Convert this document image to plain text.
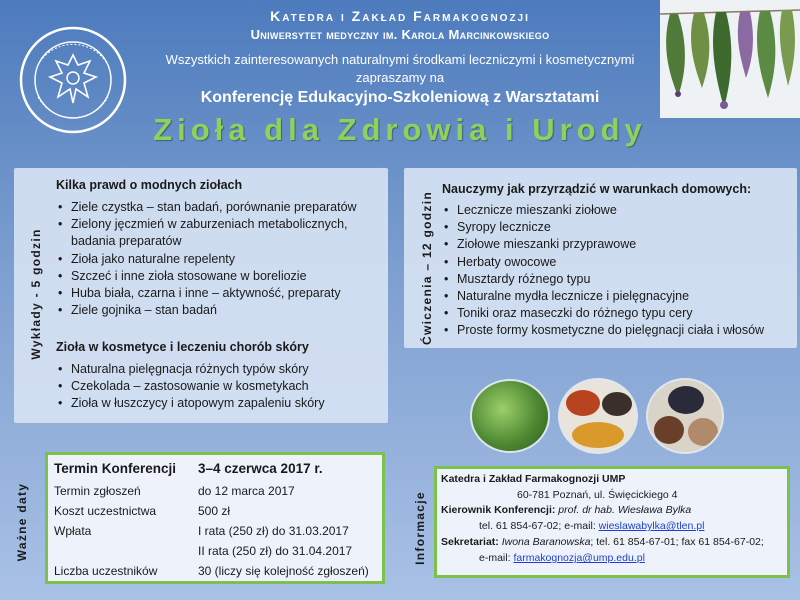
Katedra i Zakład Farmakognozji
Uniwersytet medyczny im. Karola Marcinkowskiego
Wszystkich zainteresowanych naturalnymi środkami leczniczymi i kosmetycznymi
zapraszamy na
Konferencję Edukacyjno-Szkoleniową z Warsztatami
Zioła dla Zdrowia i Urody
Kilka prawd o modnych ziołach
• Ziele czystka – stan badań, porównanie preparatów
• Zielony jęczmień w zaburzeniach metabolicznych,
badania preparatów
• Zioła jako naturalne repelenty
• Szczeć i inne zioła stosowane w boreliozie
• Huba biała, czarna i inne – aktywność, preparaty
• Ziele gojnika – stan badań
Zioła w kosmetyce i leczeniu chorób skóry
• Naturalna pielęgnacja różnych typów skóry
• Czekolada – zastosowanie w kosmetykach
• Zioła w łuszczycy i atopowym zapaleniu skóry
Wykłady - 5 godzin
Nauczymy jak przyrządzić w warunkach domowych:
• Lecznicze mieszanki ziołowe
• Syropy lecznicze
• Ziołowe mieszanki przyprawowe
• Herbaty owocowe
• Musztardy różnego typu
• Naturalne mydła lecznicze i pielęgnacyjne
• Toniki oraz maseczki do różnego typu cery
• Proste formy kosmetyczne do pielęgnacji ciała i włosów
Ćwiczenia – 12 godzin
Termin Konferencji 3–4 czerwca 2017 r.
Termin zgłoszeń	do 12 marca 2017
Koszt uczestnictwa	500 zł
Wpłata	I rata (250 zł) do 31.03.2017
II rata (250 zł) do 31.04.2017
Liczba uczestników	30 (liczy się kolejność zgłoszeń)
Ważne daty
Katedra i Zakład Farmakognozji UMP
60-781 Poznań, ul. Święcickiego 4
Kierownik Konferencji: prof. dr hab. Wiesława Bylka
tel. 61 854-67-02; e-mail: wieslawabylka@tlen.pl
Sekretariat: Iwona Baranowska; tel. 61 854-67-01; fax 61 854-67-02;
e-mail: farmakognozja@ump.edu.pl
Informacje
